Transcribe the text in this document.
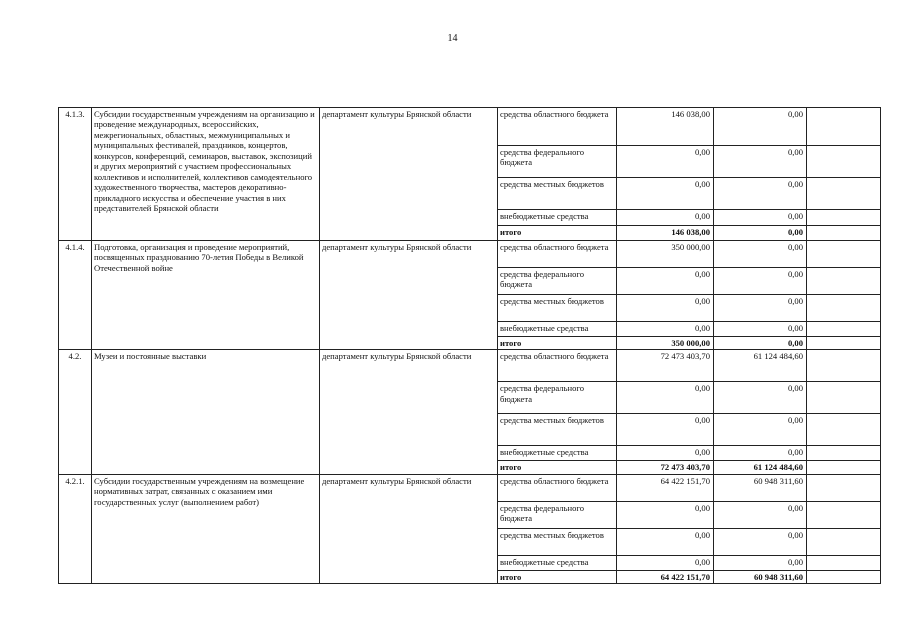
14
4.1.3.	Субсидии государственным учреждениям на организацию и проведение международных, всероссийских, межрегиональных, областных, межмуниципальных и муниципальных фестивалей, праздников, концертов, конкурсов, конференций, семинаров, выставок, экспозиций и других мероприятий с участием профессиональных коллективов и исполнителей, коллективов самодеятельного художественного творчества, мастеров декоративно-прикладного искусства и обеспечение участия в них представителей Брянской области	департамент культуры Брянской области	средства областного бюджета	146 038,00	0,00	
			средства федерального бюджета	0,00	0,00	
			средства местных бюджетов	0,00	0,00	
			внебюджетные средства	0,00	0,00	
			итого	146 038,00	0,00	
4.1.4.	Подготовка, организация и проведение мероприятий, посвященных празднованию 70-летия Победы в Великой Отечественной войне	департамент культуры Брянской области	средства областного бюджета	350 000,00	0,00	
			средства федерального бюджета	0,00	0,00	
			средства местных бюджетов	0,00	0,00	
			внебюджетные средства	0,00	0,00	
			итого	350 000,00	0,00	
4.2.	Музеи и постоянные выставки	департамент культуры Брянской области	средства областного бюджета	72 473 403,70	61 124 484,60	
			средства федерального бюджета	0,00	0,00	
			средства местных бюджетов	0,00	0,00	
			внебюджетные средства	0,00	0,00	
			итого	72 473 403,70	61 124 484,60	
4.2.1.	Субсидии государственным учреждениям на возмещение нормативных затрат, связанных с оказанием ими государственных услуг (выполнением работ)	департамент культуры Брянской области	средства областного бюджета	64 422 151,70	60 948 311,60	
			средства федерального бюджета	0,00	0,00	
			средства местных бюджетов	0,00	0,00	
			внебюджетные средства	0,00	0,00	
			итого	64 422 151,70	60 948 311,60	
